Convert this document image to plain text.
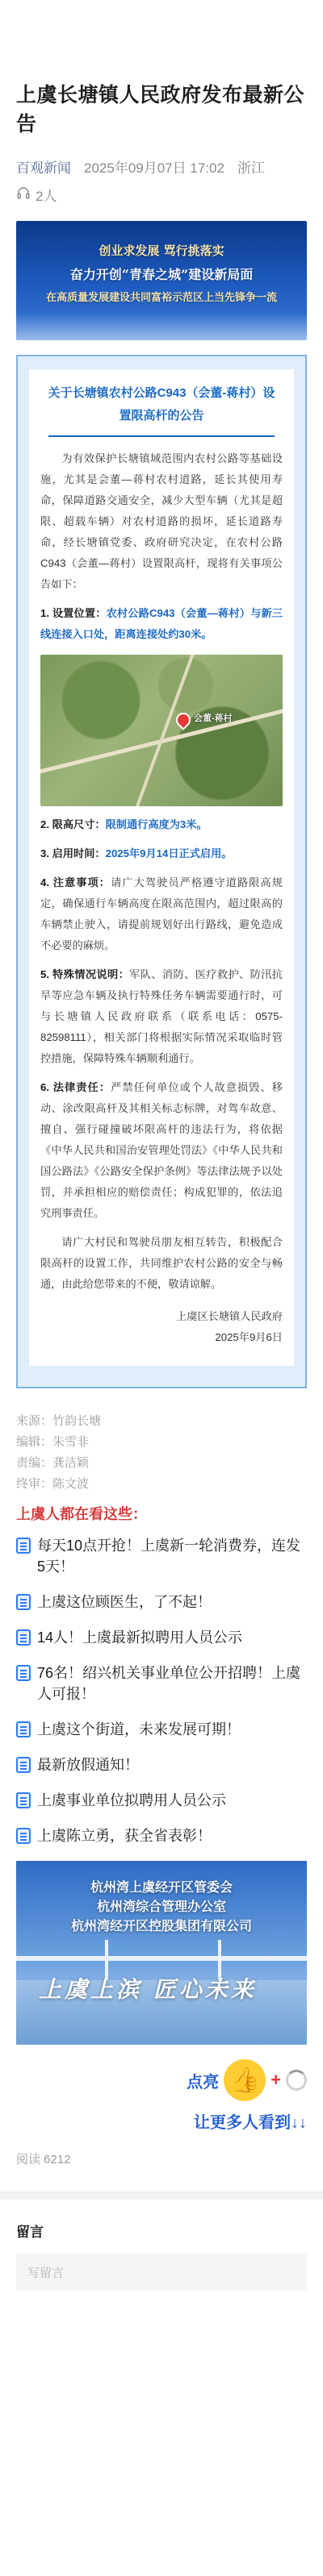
上虞长塘镇人民政府发布最新公告
百观新闻 2025年09月07日 17:02 浙江
2人
创业求发展 骂行挑落实
奋力开创“青春之城”建设新局面
在高质量发展建设共同富裕示范区上当先锋争一流
关于长塘镇农村公路C943（会董-蒋村）设置限高杆的公告

为有效保护长塘镇域范围内农村公路等基础设施，尤其是会董—蒋村农村道路，延长其使用寿命，保障道路交通安全，减少大型车辆（尤其是超限、超载车辆）对农村道路的损坏，延长道路寿命，经长塘镇党委、政府研究决定，在农村公路C943（会董—蒋村）设置限高杆，现将有关事项公告如下：

1. 设置位置：农村公路C943（会董—蒋村）与新三线连接入口处，距离连接处约30米。
会董-蒋村
2. 限高尺寸：限制通行高度为3米。
3. 启用时间：2025年9月14日正式启用。
4. 注意事项：请广大驾驶员严格遵守道路限高规定，确保通行车辆高度在限高范围内，超过限高的车辆禁止驶入，请提前规划好出行路线，避免造成不必要的麻烦。
5. 特殊情况说明：军队、消防、医疗救护、防汛抗旱等应急车辆及执行特殊任务车辆需要通行时，可与长塘镇人民政府联系（联系电话：0575-82598111），相关部门将根据实际情况采取临时管控措施，保障特殊车辆顺利通行。
6. 法律责任：严禁任何单位或个人故意损毁、移动、涂改限高杆及其相关标志标牌，对驾车故意、擅自、强行碰撞破坏限高杆的违法行为，将依据《中华人民共和国治安管理处罚法》《中华人民共和国公路法》《公路安全保护条例》等法律法规予以处罚，并承担相应的赔偿责任；构成犯罪的，依法追究刑事责任。

请广大村民和驾驶员朋友相互转告，积极配合限高杆的设置工作，共同维护农村公路的安全与畅通，由此给您带来的不便，敬请谅解。

上虞区长塘镇人民政府
2025年9月6日
来源：竹韵长塘
编辑：朱雪非
责编：龚洁颖
终审：陈文波
上虞人都在看这些：
每天10点开抢！上虞新一轮消费券，连发5天！
上虞这位顾医生，了不起！
14人！上虞最新拟聘用人员公示
76名！绍兴机关事业单位公开招聘！上虞人可报！
上虞这个街道，未来发展可期！
最新放假通知！
上虞事业单位拟聘用人员公示
上虞陈立勇，获全省表彰！
杭州湾上虞经开区管委会
杭州湾综合管理办公室
杭州湾经开区控股集团有限公司
上虞上滨 匠心未来
点亮 👍 +
让更多人看到↓↓
阅读 6212
留言
写留言
